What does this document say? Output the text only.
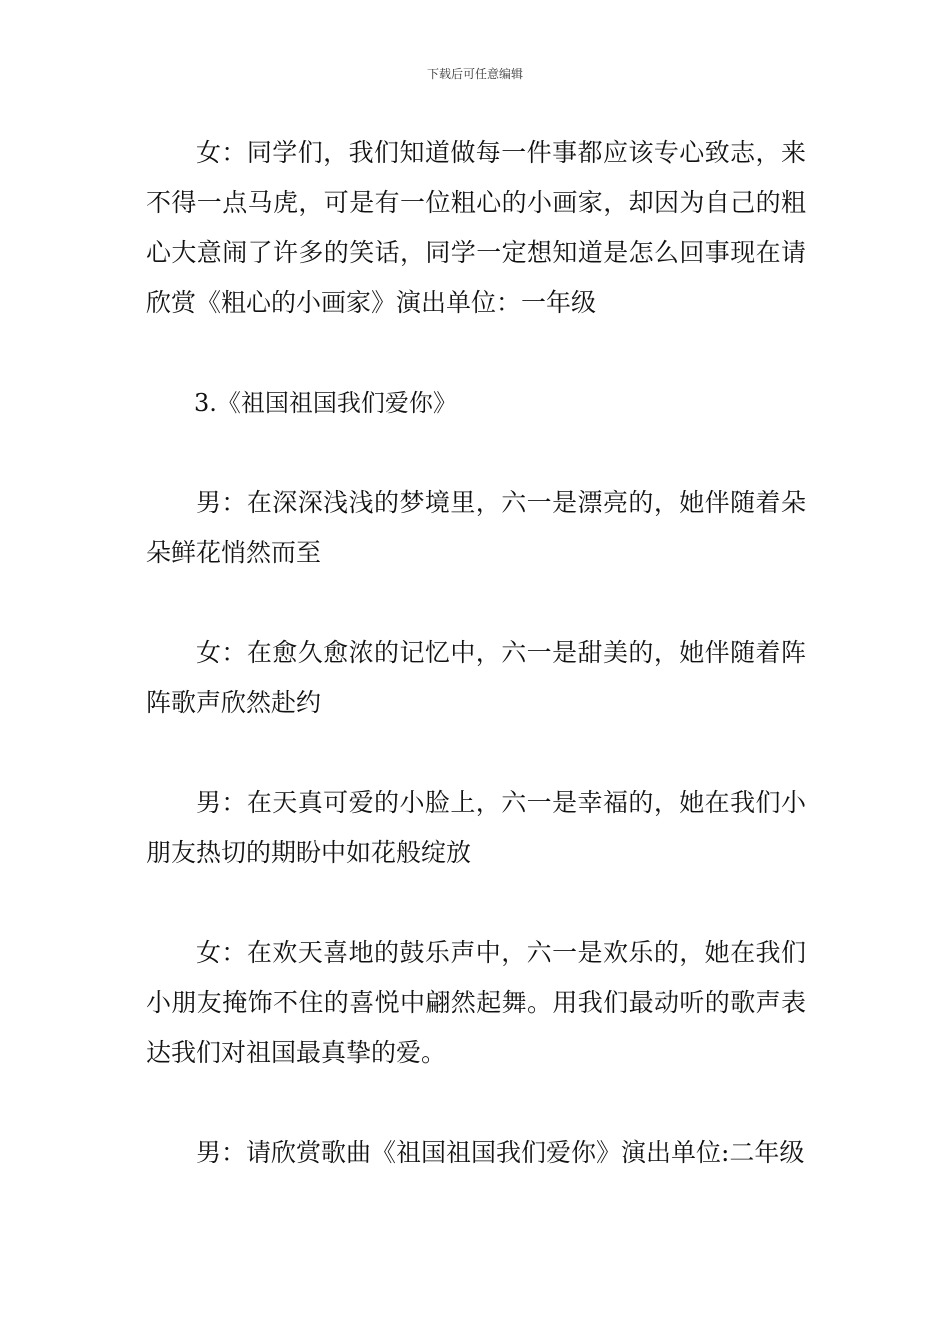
下载后可任意编辑

女：同学们，我们知道做每一件事都应该专心致志，来不得一点马虎，可是有一位粗心的小画家，却因为自己的粗心大意闹了许多的笑话，同学一定想知道是怎么回事现在请欣赏《粗心的小画家》演出单位：一年级

3.《祖国祖国我们爱你》

男：在深深浅浅的梦境里，六一是漂亮的，她伴随着朵朵鲜花悄然而至

女：在愈久愈浓的记忆中，六一是甜美的，她伴随着阵阵歌声欣然赴约

男：在天真可爱的小脸上，六一是幸福的，她在我们小朋友热切的期盼中如花般绽放

女：在欢天喜地的鼓乐声中，六一是欢乐的，她在我们小朋友掩饰不住的喜悦中翩然起舞。用我们最动听的歌声表达我们对祖国最真挚的爱。

男：请欣赏歌曲《祖国祖国我们爱你》演出单位:二年级
